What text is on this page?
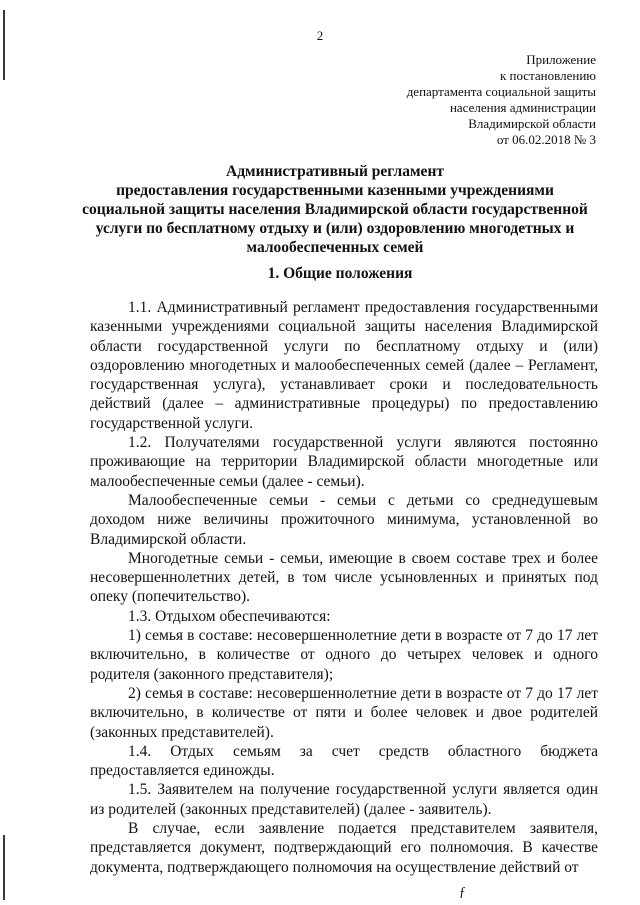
2
Приложение
к постановлению
департамента социальной защиты
населения администрации
Владимирской области
от 06.02.2018 № 3
Административный регламент
предоставления государственными казенными учреждениями
социальной защиты населения Владимирской области государственной
услуги по бесплатному отдыху и (или) оздоровлению многодетных и
малообеспеченных семей
1. Общие положения

1.1. Административный регламент предоставления государственными казенными учреждениями социальной защиты населения Владимирской области государственной услуги по бесплатному отдыху и (или) оздоровлению многодетных и малообеспеченных семей (далее – Регламент, государственная услуга), устанавливает сроки и последовательность действий (далее – административные процедуры) по предоставлению государственной услуги.

1.2. Получателями государственной услуги являются постоянно проживающие на территории Владимирской области многодетные или малообеспеченные семьи (далее - семьи).

Малообеспеченные семьи - семьи с детьми со среднедушевым доходом ниже величины прожиточного минимума, установленной во Владимирской области.

Многодетные семьи - семьи, имеющие в своем составе трех и более несовершеннолетних детей, в том числе усыновленных и принятых под опеку (попечительство).

1.3. Отдыхом обеспечиваются:

1) семья в составе: несовершеннолетние дети в возрасте от 7 до 17 лет включительно, в количестве от одного до четырех человек и одного родителя (законного представителя);

2) семья в составе: несовершеннолетние дети в возрасте от 7 до 17 лет включительно, в количестве от пяти и более человек и двое родителей (законных представителей).

1.4. Отдых семьям за счет средств областного бюджета предоставляется единожды.

1.5. Заявителем на получение государственной услуги является один из родителей (законных представителей) (далее - заявитель).

В случае, если заявление подается представителем заявителя, представляется документ, подтверждающий его полномочия. В качестве документа, подтверждающего полномочия на осуществление действий от

ƒ
